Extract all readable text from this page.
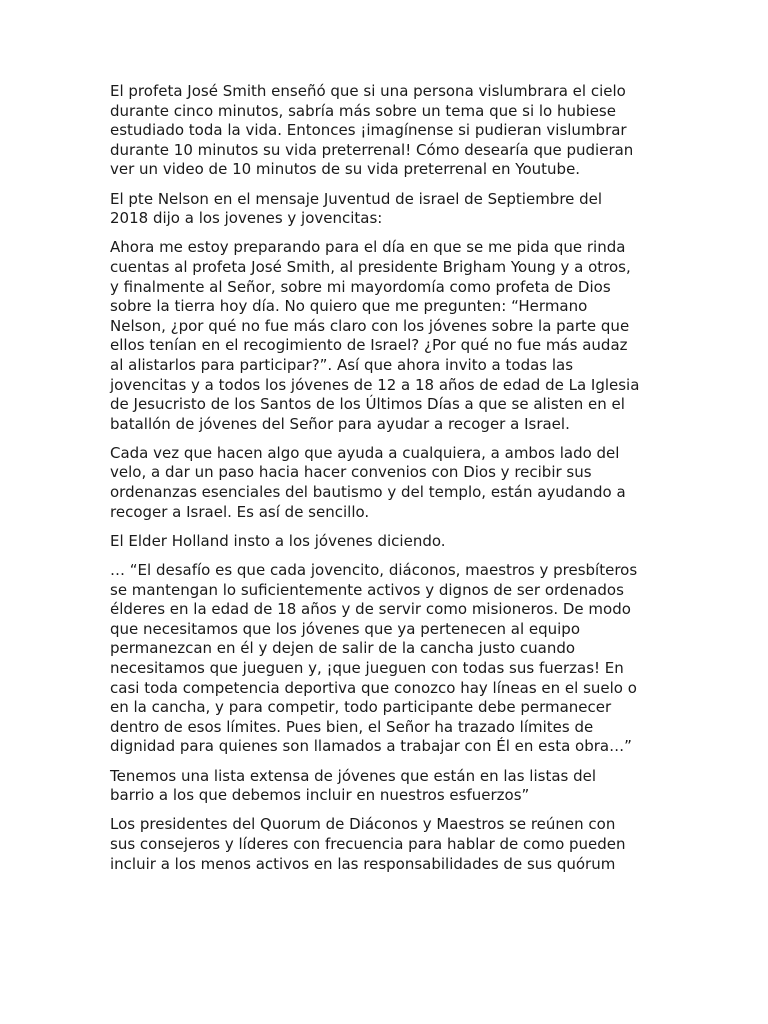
El profeta José Smith enseñó que si una persona vislumbrara el cielo
durante cinco minutos, sabría más sobre un tema que si lo hubiese
estudiado toda la vida. Entonces ¡imagínense si pudieran vislumbrar
durante 10 minutos su vida preterrenal! Cómo desearía que pudieran
ver un video de 10 minutos de su vida preterrenal en Youtube.

El pte Nelson en el mensaje Juventud de israel de Septiembre del
2018 dijo a los jovenes y jovencitas:

Ahora me estoy preparando para el día en que se me pida que rinda
cuentas al profeta José Smith, al presidente Brigham Young y a otros,
y finalmente al Señor, sobre mi mayordomía como profeta de Dios
sobre la tierra hoy día. No quiero que me pregunten: “Hermano
Nelson, ¿por qué no fue más claro con los jóvenes sobre la parte que
ellos tenían en el recogimiento de Israel? ¿Por qué no fue más audaz
al alistarlos para participar?”. Así que ahora invito a todas las
jovencitas y a todos los jóvenes de 12 a 18 años de edad de La Iglesia
de Jesucristo de los Santos de los Últimos Días a que se alisten en el
batallón de jóvenes del Señor para ayudar a recoger a Israel.

Cada vez que hacen algo que ayuda a cualquiera, a ambos lado del
velo, a dar un paso hacia hacer convenios con Dios y recibir sus
ordenanzas esenciales del bautismo y del templo, están ayudando a
recoger a Israel. Es así de sencillo.

El Elder Holland insto a los jóvenes diciendo.

… “El desafío es que cada jovencito, diáconos, maestros y presbíteros
se mantengan lo suficientemente activos y dignos de ser ordenados
élderes en la edad de 18 años y de servir como misioneros. De modo
que necesitamos que los jóvenes que ya pertenecen al equipo
permanezcan en él y dejen de salir de la cancha justo cuando
necesitamos que jueguen y, ¡que jueguen con todas sus fuerzas! En
casi toda competencia deportiva que conozco hay líneas en el suelo o
en la cancha, y para competir, todo participante debe permanecer
dentro de esos límites. Pues bien, el Señor ha trazado límites de
dignidad para quienes son llamados a trabajar con Él en esta obra…”

Tenemos una lista extensa de jóvenes que están en las listas del
barrio a los que debemos incluir en nuestros esfuerzos”

Los presidentes del Quorum de Diáconos y Maestros se reúnen con
sus consejeros y líderes con frecuencia para hablar de como pueden
incluir a los menos activos en las responsabilidades de sus quórum
